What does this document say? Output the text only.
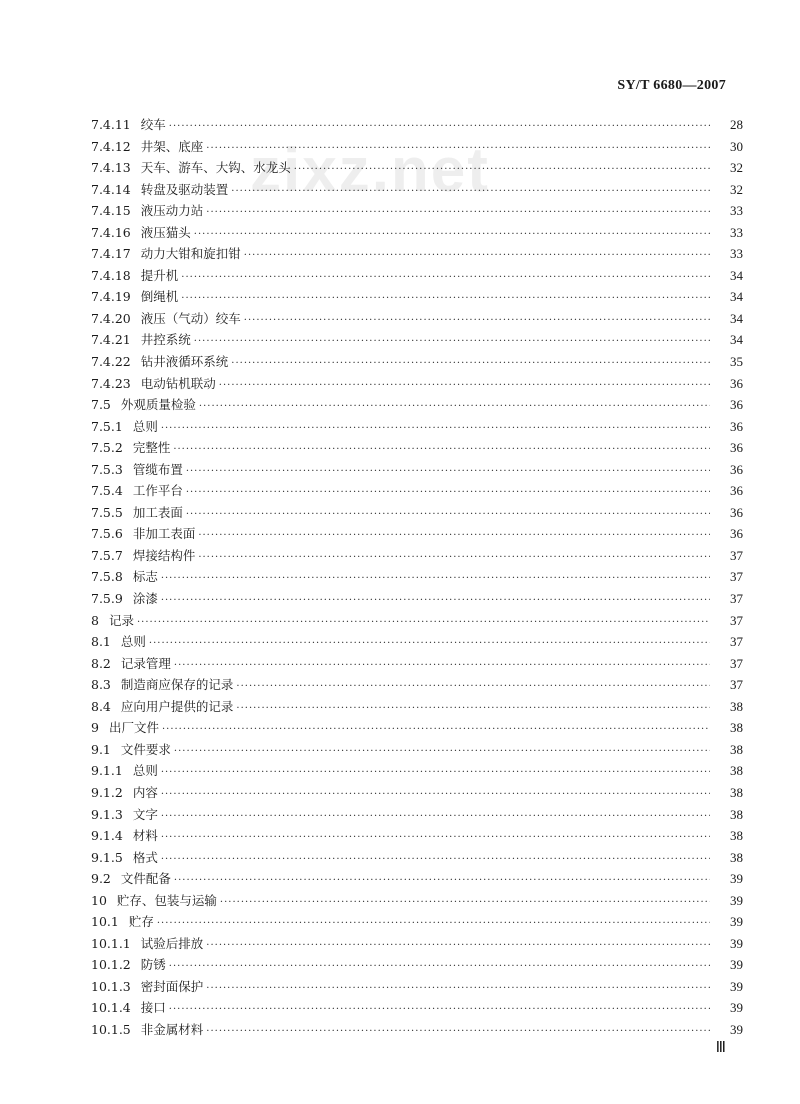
SY/T 6680—2007
zixz.net
7.4.11 绞车 ·····	28
7.4.12 井架、底座 ·····	30
7.4.13 天车、游车、大钩、水龙头 ·····	32
7.4.14 转盘及驱动装置 ·····	32
7.4.15 液压动力站 ·····	33
7.4.16 液压猫头 ·····	33
7.4.17 动力大钳和旋扣钳 ·····	33
7.4.18 提升机 ·····	34
7.4.19 倒绳机 ·····	34
7.4.20 液压（气动）绞车 ·····	34
7.4.21 井控系统 ·····	34
7.4.22 钻井液循环系统 ·····	35
7.4.23 电动钻机联动 ·····	36
7.5 外观质量检验 ·····	36
7.5.1 总则 ·····	36
7.5.2 完整性 ·····	36
7.5.3 管缆布置 ·····	36
7.5.4 工作平台 ·····	36
7.5.5 加工表面 ·····	36
7.5.6 非加工表面 ·····	36
7.5.7 焊接结构件 ·····	37
7.5.8 标志 ·····	37
7.5.9 涂漆 ·····	37
8 记录 ·····	37
8.1 总则 ·····	37
8.2 记录管理 ·····	37
8.3 制造商应保存的记录 ·····	37
8.4 应向用户提供的记录 ·····	38
9 出厂文件 ·····	38
9.1 文件要求 ·····	38
9.1.1 总则 ·····	38
9.1.2 内容 ·····	38
9.1.3 文字 ·····	38
9.1.4 材料 ·····	38
9.1.5 格式 ·····	38
9.2 文件配备 ·····	39
10 贮存、包装与运输 ·····	39
10.1 贮存 ·····	39
10.1.1 试验后排放 ·····	39
10.1.2 防锈 ·····	39
10.1.3 密封面保护 ·····	39
10.1.4 接口 ·····	39
10.1.5 非金属材料 ·····	39
Ⅲ
